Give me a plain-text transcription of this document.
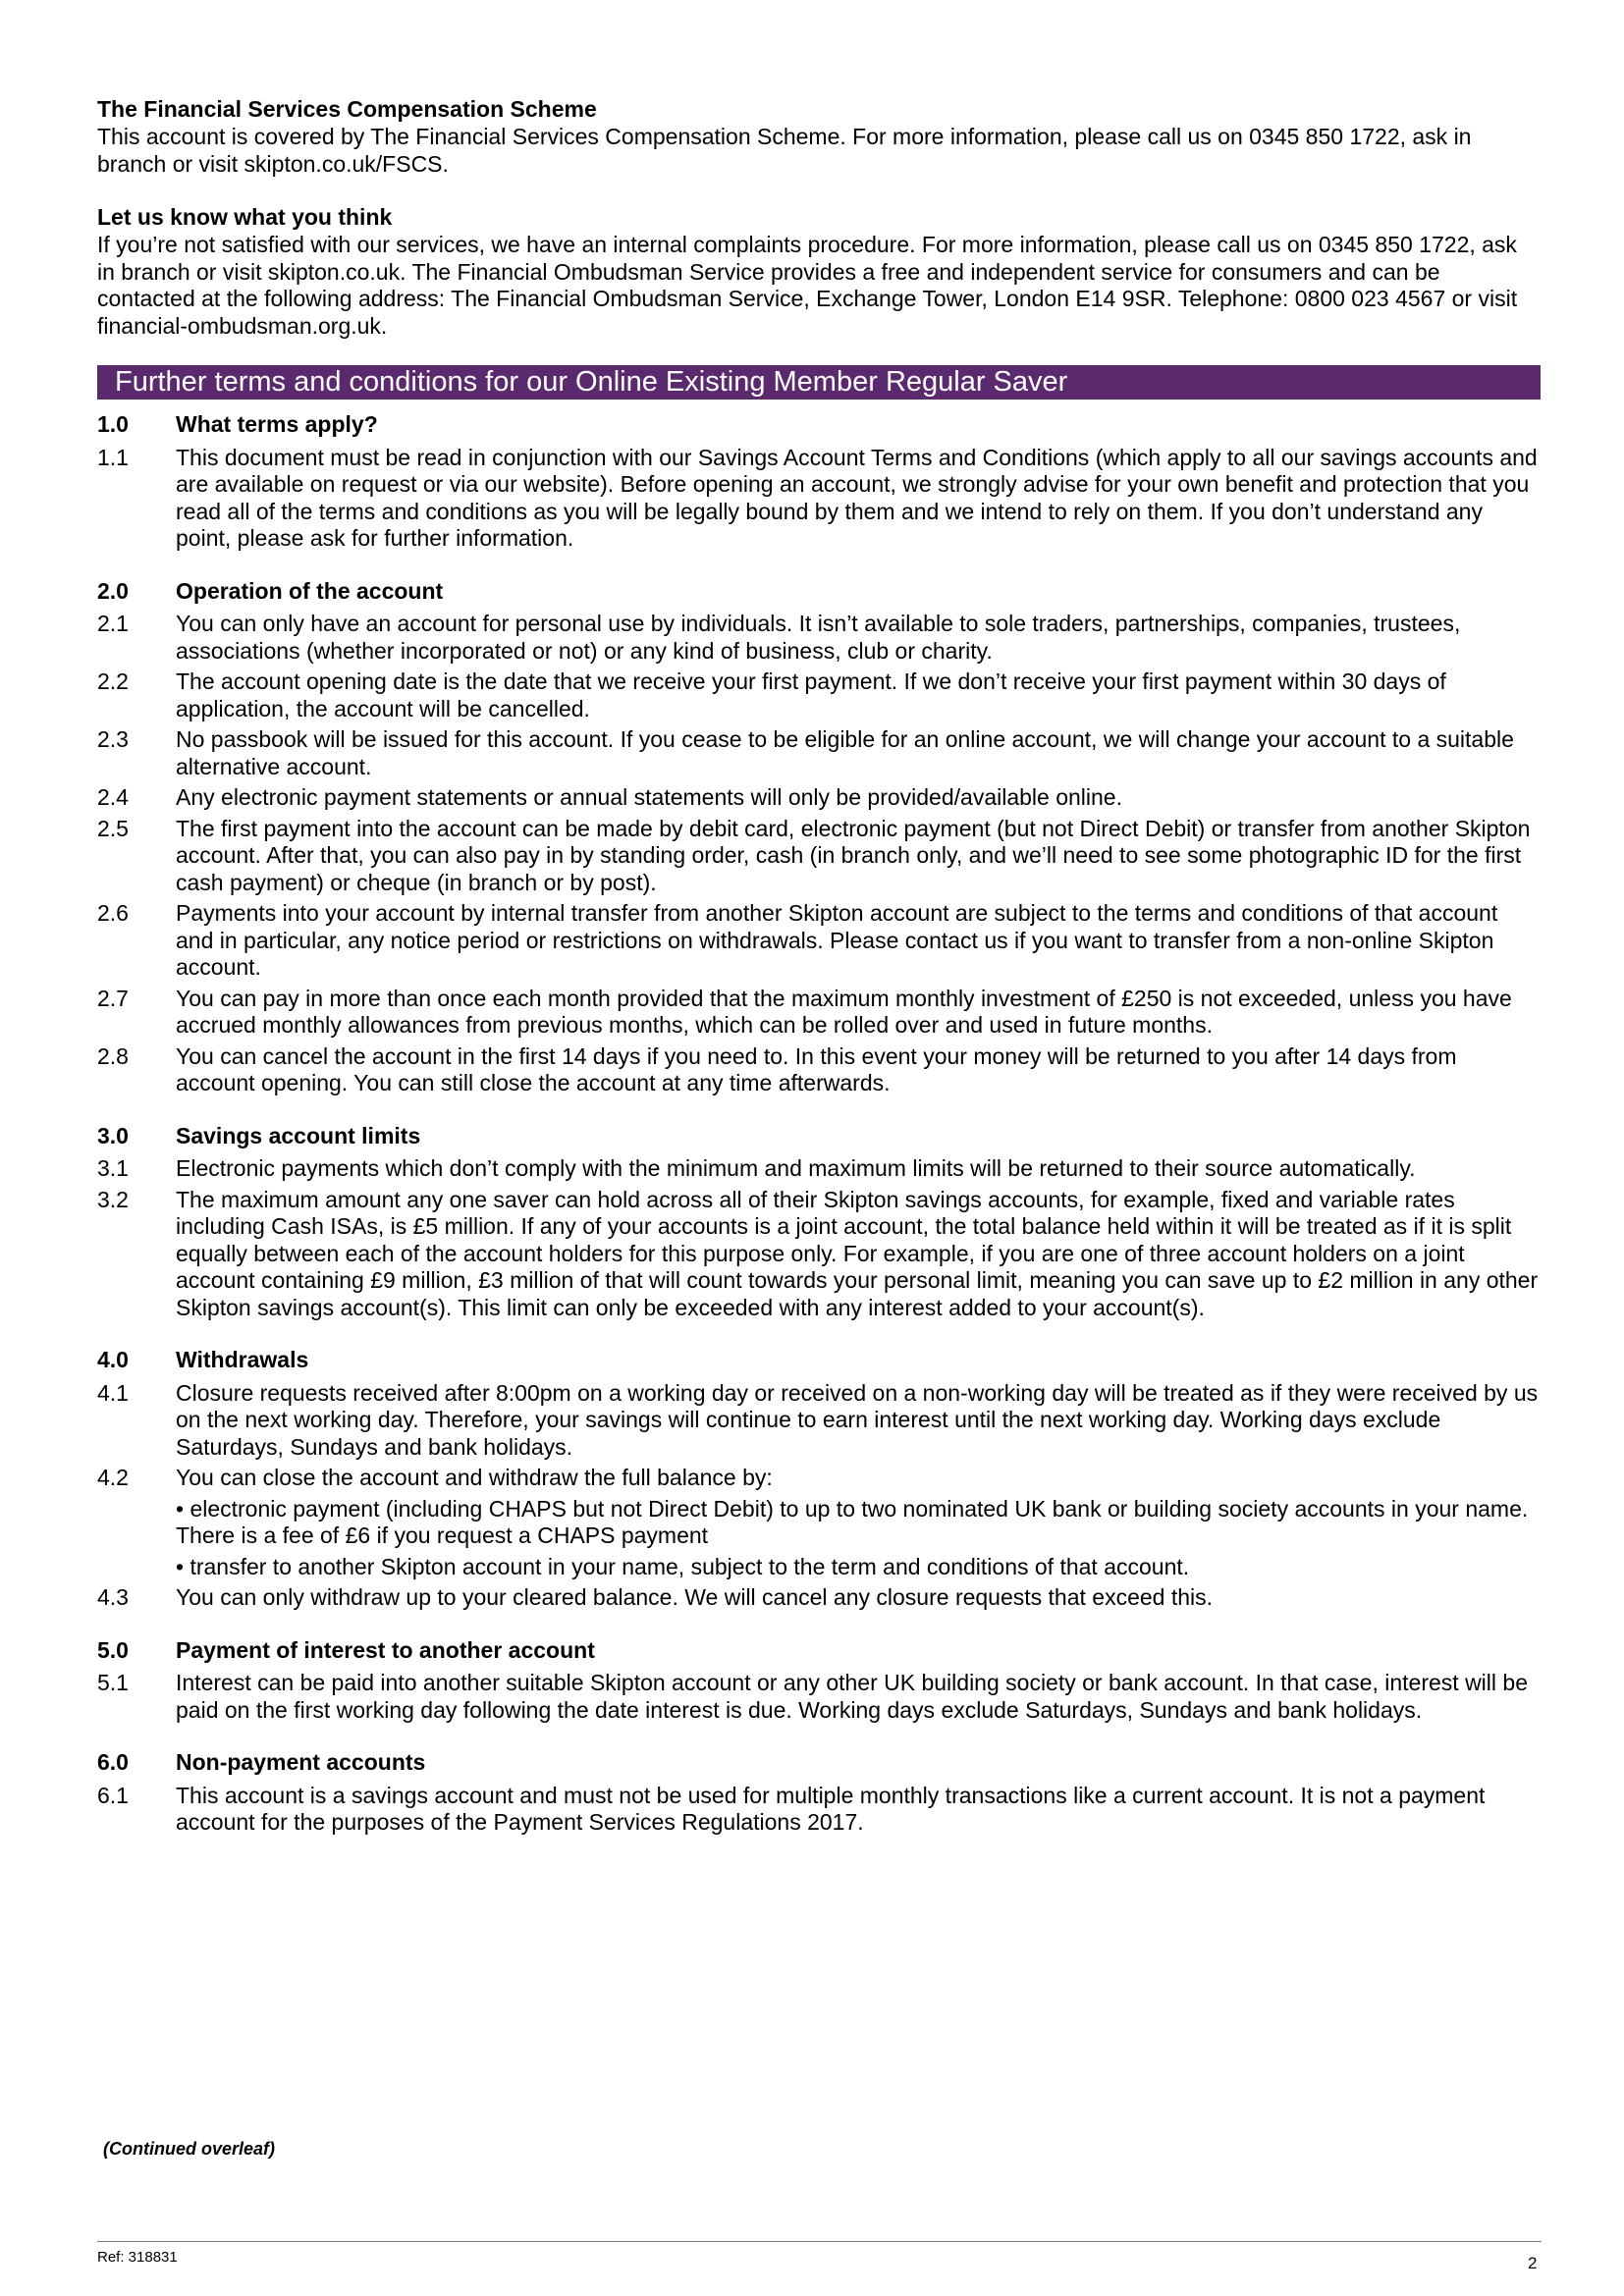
The Financial Services Compensation Scheme
This account is covered by The Financial Services Compensation Scheme. For more information, please call us on 0345 850 1722, ask in branch or visit skipton.co.uk/FSCS.
Let us know what you think
If you’re not satisfied with our services, we have an internal complaints procedure. For more information, please call us on 0345 850 1722, ask in branch or visit skipton.co.uk. The Financial Ombudsman Service provides a free and independent service for consumers and can be contacted at the following address: The Financial Ombudsman Service, Exchange Tower, London E14 9SR. Telephone: 0800 023 4567 or visit financial-ombudsman.org.uk.
Further terms and conditions for our Online Existing Member Regular Saver
1.0	What terms apply?
1.1	This document must be read in conjunction with our Savings Account Terms and Conditions (which apply to all our savings accounts and are available on request or via our website). Before opening an account, we strongly advise for your own benefit and protection that you read all of the terms and conditions as you will be legally bound by them and we intend to rely on them. If you don’t understand any point, please ask for further information.
2.0	Operation of the account
2.1	You can only have an account for personal use by individuals. It isn’t available to sole traders, partnerships, companies, trustees, associations (whether incorporated or not) or any kind of business, club or charity.
2.2	The account opening date is the date that we receive your first payment. If we don’t receive your first payment within 30 days of application, the account will be cancelled.
2.3	No passbook will be issued for this account. If you cease to be eligible for an online account, we will change your account to a suitable alternative account.
2.4	Any electronic payment statements or annual statements will only be provided/available online.
2.5	The first payment into the account can be made by debit card, electronic payment (but not Direct Debit) or transfer from another Skipton account. After that, you can also pay in by standing order, cash (in branch only, and we’ll need to see some photographic ID for the first cash payment) or cheque (in branch or by post).
2.6	Payments into your account by internal transfer from another Skipton account are subject to the terms and conditions of that account and in particular, any notice period or restrictions on withdrawals. Please contact us if you want to transfer from a non-online Skipton account.
2.7	You can pay in more than once each month provided that the maximum monthly investment of £250 is not exceeded, unless you have accrued monthly allowances from previous months, which can be rolled over and used in future months.
2.8	You can cancel the account in the first 14 days if you need to. In this event your money will be returned to you after 14 days from account opening. You can still close the account at any time afterwards.
3.0	Savings account limits
3.1	Electronic payments which don’t comply with the minimum and maximum limits will be returned to their source automatically.
3.2	The maximum amount any one saver can hold across all of their Skipton savings accounts, for example, fixed and variable rates including Cash ISAs, is £5 million. If any of your accounts is a joint account, the total balance held within it will be treated as if it is split equally between each of the account holders for this purpose only. For example, if you are one of three account holders on a joint account containing £9 million, £3 million of that will count towards your personal limit, meaning you can save up to £2 million in any other Skipton savings account(s). This limit can only be exceeded with any interest added to your account(s).
4.0	Withdrawals
4.1	Closure requests received after 8:00pm on a working day or received on a non-working day will be treated as if they were received by us on the next working day. Therefore, your savings will continue to earn interest until the next working day. Working days exclude Saturdays, Sundays and bank holidays.
4.2	You can close the account and withdraw the full balance by:
• electronic payment (including CHAPS but not Direct Debit) to up to two nominated UK bank or building society accounts in your name. There is a fee of £6 if you request a CHAPS payment
• transfer to another Skipton account in your name, subject to the term and conditions of that account.
4.3	You can only withdraw up to your cleared balance. We will cancel any closure requests that exceed this.
5.0	Payment of interest to another account
5.1	Interest can be paid into another suitable Skipton account or any other UK building society or bank account. In that case, interest will be paid on the first working day following the date interest is due. Working days exclude Saturdays, Sundays and bank holidays.
6.0	Non-payment accounts
6.1	This account is a savings account and must not be used for multiple monthly transactions like a current account. It is not a payment account for the purposes of the Payment Services Regulations 2017.
(Continued overleaf)
Ref: 318831	2
